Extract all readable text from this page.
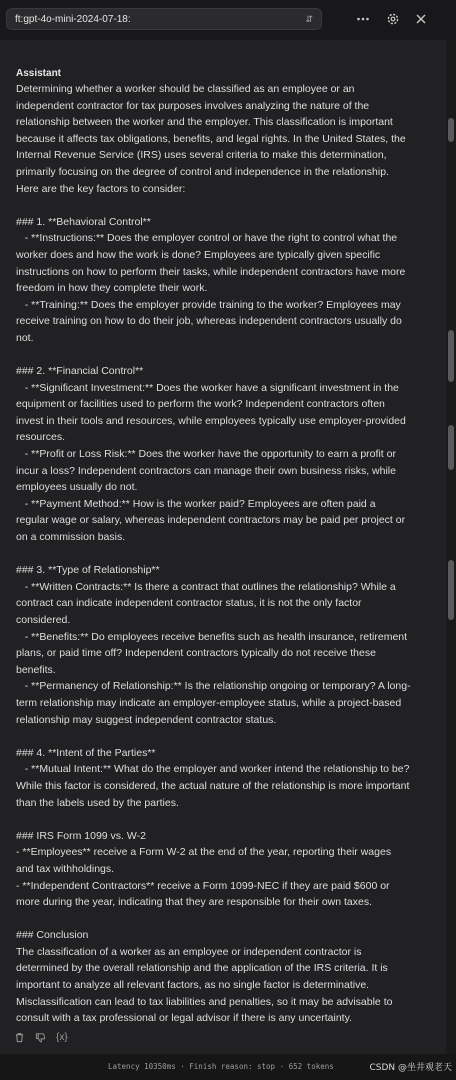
ft:gpt-4o-mini-2024-07-18:	⇵
Assistant
Determining whether a worker should be classified as an employee or an independent contractor for tax purposes involves analyzing the nature of the relationship between the worker and the employer. This classification is important because it affects tax obligations, benefits, and legal rights. In the United States, the Internal Revenue Service (IRS) uses several criteria to make this determination, primarily focusing on the degree of control and independence in the relationship. Here are the key factors to consider:
### 1. **Behavioral Control**
- **Instructions:** Does the employer control or have the right to control what the worker does and how the work is done? Employees are typically given specific instructions on how to perform their tasks, while independent contractors have more freedom in how they complete their work.
- **Training:** Does the employer provide training to the worker? Employees may receive training on how to do their job, whereas independent contractors usually do not.
### 2. **Financial Control**
- **Significant Investment:** Does the worker have a significant investment in the equipment or facilities used to perform the work? Independent contractors often invest in their tools and resources, while employees typically use employer-provided resources.
- **Profit or Loss Risk:** Does the worker have the opportunity to earn a profit or incur a loss? Independent contractors can manage their own business risks, while employees usually do not.
- **Payment Method:** How is the worker paid? Employees are often paid a regular wage or salary, whereas independent contractors may be paid per project or on a commission basis.
### 3. **Type of Relationship**
- **Written Contracts:** Is there a contract that outlines the relationship? While a contract can indicate independent contractor status, it is not the only factor considered.
- **Benefits:** Do employees receive benefits such as health insurance, retirement plans, or paid time off? Independent contractors typically do not receive these benefits.
- **Permanency of Relationship:** Is the relationship ongoing or temporary? A long-term relationship may indicate an employer-employee status, while a project-based relationship may suggest independent contractor status.
### 4. **Intent of the Parties**
- **Mutual Intent:** What do the employer and worker intend the relationship to be? While this factor is considered, the actual nature of the relationship is more important than the labels used by the parties.
### IRS Form 1099 vs. W-2
- **Employees** receive a Form W-2 at the end of the year, reporting their wages and tax withholdings.
- **Independent Contractors** receive a Form 1099-NEC if they are paid $600 or more during the year, indicating that they are responsible for their own taxes.
### Conclusion
The classification of a worker as an employee or independent contractor is determined by the overall relationship and the application of the IRS criteria. It is important to analyze all relevant factors, as no single factor is determinative. Misclassification can lead to tax liabilities and penalties, so it may be advisable to consult with a tax professional or legal advisor if there is any uncertainty.
{x}
Latency 10350ms · Finish reason: stop · 652 tokens	CSDN @坐井观老天
